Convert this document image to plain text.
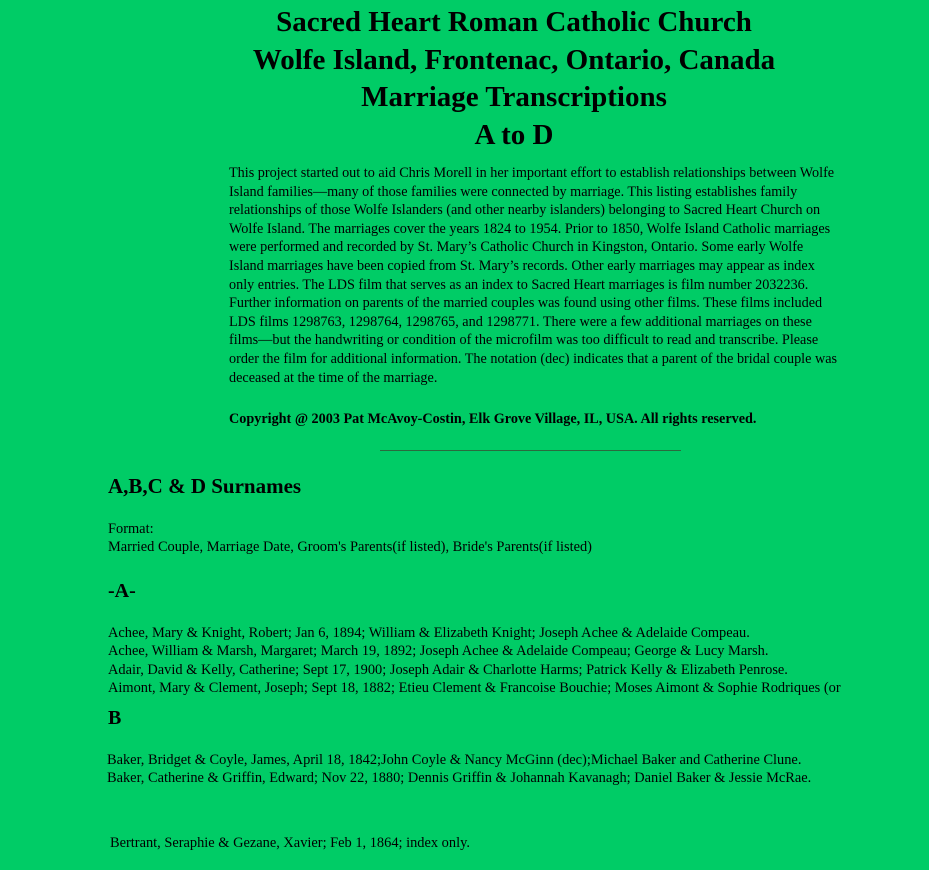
Sacred Heart Roman Catholic Church
Wolfe Island, Frontenac, Ontario, Canada
Marriage Transcriptions
A to D

This project started out to aid Chris Morell in her important effort to establish relationships between Wolfe Island families—many of those families were connected by marriage. This listing establishes family relationships of those Wolfe Islanders (and other nearby islanders) belonging to Sacred Heart Church on Wolfe Island. The marriages cover the years 1824 to 1954. Prior to 1850, Wolfe Island Catholic marriages were performed and recorded by St. Mary’s Catholic Church in Kingston, Ontario. Some early Wolfe Island marriages have been copied from St. Mary’s records. Other early marriages may appear as index only entries. The LDS film that serves as an index to Sacred Heart marriages is film number 2032236. Further information on parents of the married couples was found using other films. These films included LDS films 1298763, 1298764, 1298765, and 1298771. There were a few additional marriages on these films—but the handwriting or condition of the microfilm was too difficult to read and transcribe. Please order the film for additional information. The notation (dec) indicates that a parent of the bridal couple was deceased at the time of the marriage.

Copyright @ 2003 Pat McAvoy-Costin, Elk Grove Village, IL, USA. All rights reserved.
A,B,C & D Surnames
Format:
Married Couple, Marriage Date, Groom's Parents(if listed), Bride's Parents(if listed)
-A-
Achee, Mary & Knight, Robert; Jan 6, 1894; William & Elizabeth Knight; Joseph Achee & Adelaide Compeau.
Achee, William & Marsh, Margaret; March 19, 1892; Joseph Achee & Adelaide Compeau; George & Lucy Marsh.
Adair, David & Kelly, Catherine; Sept 17, 1900; Joseph Adair & Charlotte Harms; Patrick Kelly & Elizabeth Penrose.
Aimont, Mary & Clement, Joseph; Sept 18, 1882; Etieu Clement & Francoise Bouchie; Moses Aimont & Sophie Rodriques (or
B
Baker, Bridget & Coyle, James, April 18, 1842;John Coyle & Nancy McGinn (dec);Michael Baker and Catherine Clune.
Baker, Catherine & Griffin, Edward; Nov 22, 1880; Dennis Griffin & Johannah Kavanagh; Daniel Baker & Jessie McRae.
Bertrant, Seraphie & Gezane, Xavier; Feb 1, 1864; index only.
